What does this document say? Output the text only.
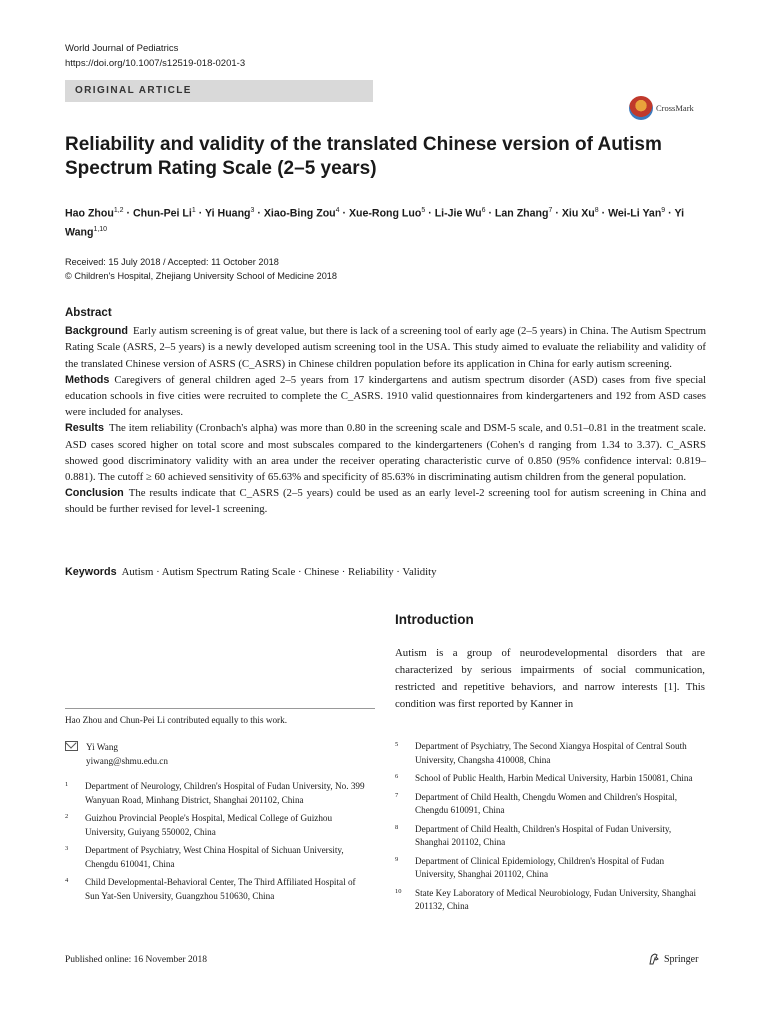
World Journal of Pediatrics
https://doi.org/10.1007/s12519-018-0201-3
ORIGINAL ARTICLE
CrossMark
Reliability and validity of the translated Chinese version of Autism Spectrum Rating Scale (2–5 years)
Hao Zhou$^{1,2}$ · Chun-Pei $Li^1 \cdot Yi$ Huang$^3$ · Xiao-Bing Zou$^4$ · Xue-Rong Luo$^5$ · Li-Jie $Wu^6$ · Lan Zhang$^7$ · Xiu $Xu^8 \cdot Wei-Li$ Yan$^9$ · Yi Wang$^{1,10}$
Received: 15 July 2018 / Accepted: 11 October 2018
© Children's Hospital, Zhejiang University School of Medicine 2018
Abstract

Background Early autism screening is of great value, but there is lack of a screening tool of early age (2–5 years) in China. The Autism Spectrum Rating Scale (ASRS, 2–5 years) is a newly developed autism screening tool in the USA. This study aimed to evaluate the reliability and validity of the translated Chinese version of ASRS (C_ASRS) in Chinese children population before its application in China for early autism screening.

Methods Caregivers of general children aged 2–5 years from 17 kindergartens and autism spectrum disorder (ASD) cases from five special education schools in five cities were recruited to complete the C_ASRS. 1910 valid questionnaires from kindergarteners and 192 from ASD cases were included for analyses.

Results The item reliability (Cronbach's alpha) was more than 0.80 in the screening scale and DSM-5 scale, and 0.51–0.81 in the treatment scale. ASD cases scored higher on total score and most subscales compared to the kindergarteners (Cohen's d ranging from 1.34 to 3.37). C_ASRS showed good discriminatory validity with an area under the receiver operating characteristic curve of 0.850 (95% confidence interval: 0.819–0.881). The cutoff ≥ 60 achieved sensitivity of 65.63% and specificity of 85.63% in discriminating autism children from the general population.

Conclusion The results indicate that C_ASRS (2–5 years) could be used as an early level-2 screening tool for autism screening in China and should be further revised for level-1 screening.

Keywords Autism · Autism Spectrum Rating Scale · Chinese · Reliability · Validity
Introduction
Autism is a group of neurodevelopmental disorders that are characterized by serious impairments of social communication, restricted and repetitive behaviors, and narrow interests [1]. This condition was first reported by Kanner in
Hao Zhou and Chun-Pei Li contributed equally to this work.
Yi Wang
yiwang@shmu.edu.cn
1	Department of Neurology, Children's Hospital of Fudan University, No. 399 Wanyuan Road, Minhang District, Shanghai 201102, China
2	Guizhou Provincial People's Hospital, Medical College of Guizhou University, Guiyang 550002, China
3	Department of Psychiatry, West China Hospital of Sichuan University, Chengdu 610041, China
4	Child Developmental-Behavioral Center, The Third Affiliated Hospital of Sun Yat-Sen University, Guangzhou 510630, China
5	Department of Psychiatry, The Second Xiangya Hospital of Central South University, Changsha 410008, China
6	School of Public Health, Harbin Medical University, Harbin 150081, China
7	Department of Child Health, Chengdu Women and Children's Hospital, Chengdu 610091, China
8	Department of Child Health, Children's Hospital of Fudan University, Shanghai 201102, China
9	Department of Clinical Epidemiology, Children's Hospital of Fudan University, Shanghai 201102, China
10	State Key Laboratory of Medical Neurobiology, Fudan University, Shanghai 201132, China
Published online: 16 November 2018	Springer
